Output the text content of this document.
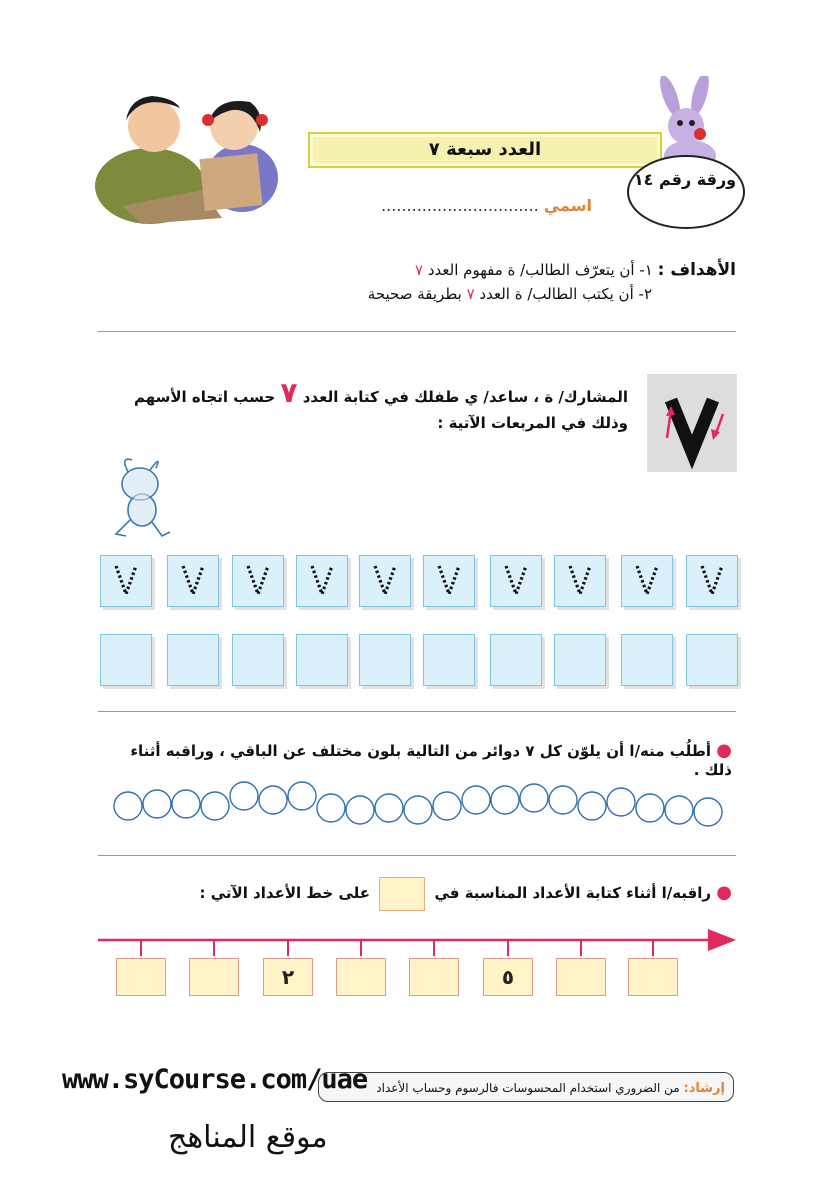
العدد سبعة ٧
ورقة رقم ١٤
اسمي ...............................
الأهداف : ١- أن يتعرّف الطالب/ ة مفهوم العدد ٧
٢- أن يكتب الطالب/ ة العدد ٧ بطريقة صحيحة
المشارك/ ة ، ساعد/ ي طفلك في كتابة العدد ٧ حسب اتجاه الأسهم وذلك في المربعات الآتية :
● أطلُب منه/ا أن يلوّن كل ٧ دوائر من التالية بلون مختلف عن الباقي ، وراقبه أثناء ذلك .
● راقبه/ا أثناء كتابة الأعداد المناسبة في  على خط الأعداد الآتي :
٢	٥
إرشاد: من الضروري استخدام المحسوسات فالرسوم وحساب الأعداد
www.syCourse.com/uae
موقع المناهج
